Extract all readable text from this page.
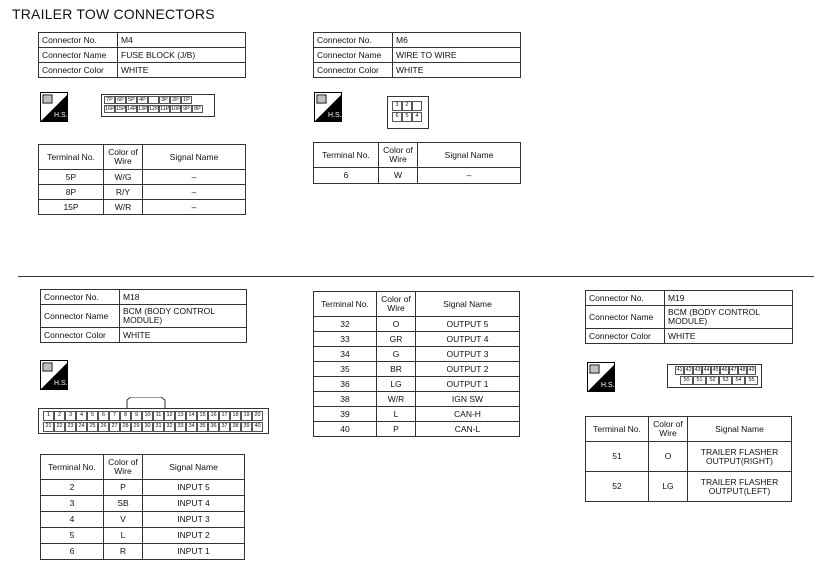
TRAILER TOW CONNECTORS
Connector No.	M4
Connector Name	FUSE BLOCK (J/B)
Connector Color	WHITE
H.S.
7P 6P 5P 4P	3P 2P 1P
16P 15P 14P 13P 12P 11P 10P 9P 8P
Terminal No.	Color of Wire	Signal Name
5P	W/G	–
8P	R/Y	–
15P	W/R	–
Connector No.	M6
Connector Name	WIRE TO WIRE
Connector Color	WHITE
H.S.
3	2
6	5	4
Terminal No.	Color of Wire	Signal Name
6	W	–
Connector No.	M18
Connector Name	BCM (BODY CONTROL MODULE)
Connector Color	WHITE
H.S.
1	2	3	4	5	6	7	8	9	10 11 12 13 14 15 16 17 18 19 20
21 22 23 24 25 26 27 28 29 30 31 32 33 34 35 36 37 38 39 40
Terminal No.	Color of Wire	Signal Name
2	P	INPUT 5
3	SB	INPUT 4
4	V	INPUT 3
5	L	INPUT 2
6	R	INPUT 1
Terminal No.	Color of Wire	Signal Name
32	O	OUTPUT 5
33	GR	OUTPUT 4
34	G	OUTPUT 3
35	BR	OUTPUT 2
36	LG	OUTPUT 1
38	W/R	IGN SW
39	L	CAN-H
40	P	CAN-L
Connector No.	M19
Connector Name	BCM (BODY CONTROL MODULE)
Connector Color	WHITE
H.S.
41 42 43 44 45 46 47 48 49
50	51	52	53	54	55
Terminal No.	Color of Wire	Signal Name
51	O	TRAILER FLASHER OUTPUT(RIGHT)
52	LG	TRAILER FLASHER OUTPUT(LEFT)
